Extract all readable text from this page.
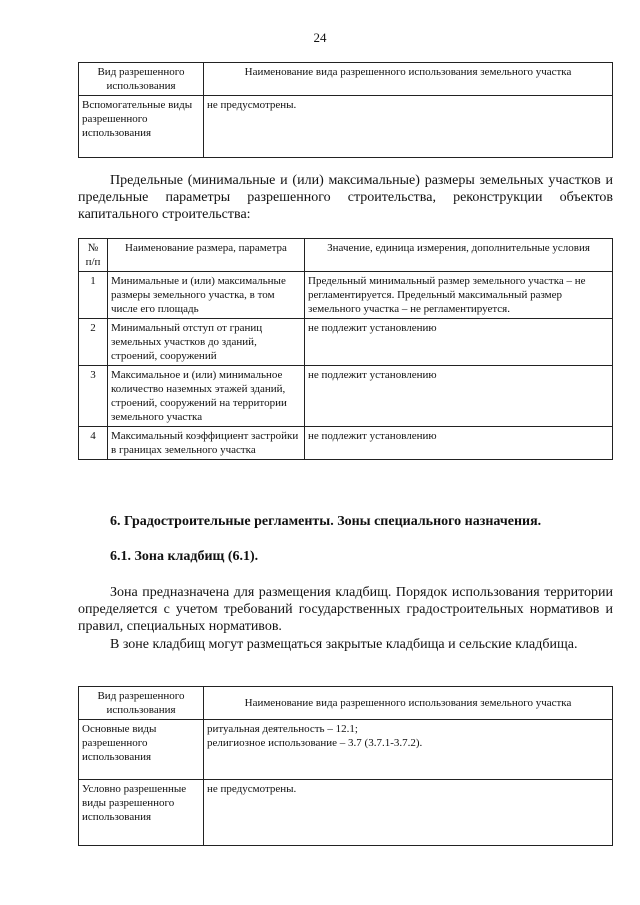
24
Вид разрешенного использования	Наименование вида разрешенного использования земельного участка
Вспомогательные виды разрешенного использования	не предусмотрены.
Предельные (минимальные и (или) максимальные) размеры земельных участков и предельные параметры разрешенного строительства, реконструкции объектов капитального строительства:
№ п/п	Наименование размера, параметра	Значение, единица измерения, дополнительные условия
1	Минимальные и (или) максимальные размеры земельного участка, в том числе его площадь	Предельный минимальный размер земельного участка – не регламентируется. Предельный максимальный размер земельного участка – не регламентируется.
2	Минимальный отступ от границ земельных участков до зданий, строений, сооружений	не подлежит установлению
3	Максимальное и (или) минимальное количество наземных этажей зданий, строений, сооружений на территории земельного участка	не подлежит установлению
4	Максимальный коэффициент застройки в границах земельного участка	не подлежит установлению
6. Градостроительные регламенты. Зоны специального назначения.
6.1. Зона кладбищ (6.1).
Зона предназначена для размещения кладбищ. Порядок использования территории определяется с учетом требований государственных градостроительных нормативов и правил, специальных нормативов.
В зоне кладбищ могут размещаться закрытые кладбища и сельские кладбища.
Вид разрешенного использования	Наименование вида разрешенного использования земельного участка
Основные виды разрешенного использования	ритуальная деятельность – 12.1;
религиозное использование – 3.7 (3.7.1-3.7.2).

Условно разрешенные виды разрешенного использования	не предусмотрены.
